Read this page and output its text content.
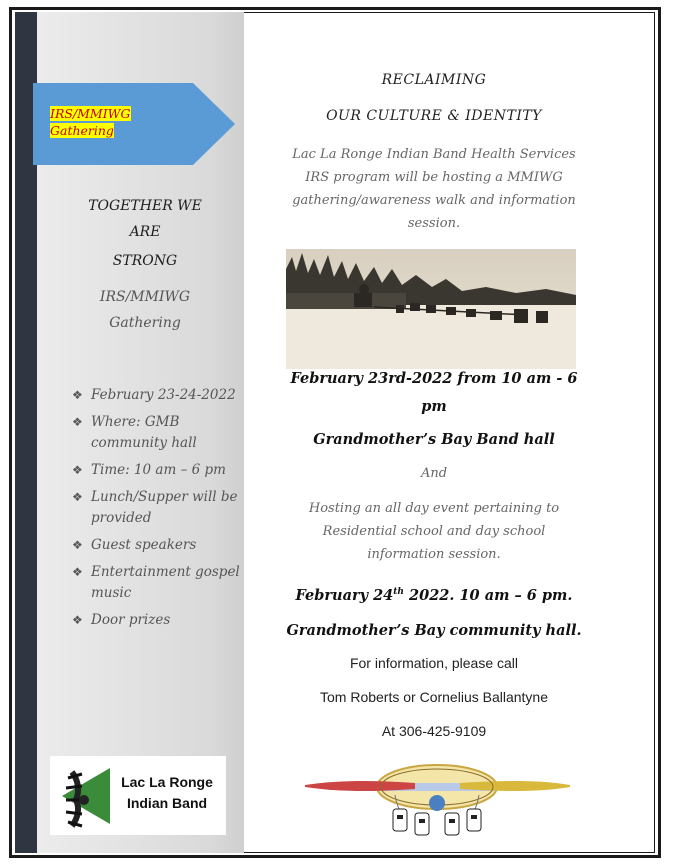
IRS/MMIWG
Gathering
TOGETHER WE
ARE
STRONG
IRS/MMIWG
Gathering
❖ February 23-24-2022
❖ Where: GMB community hall
❖ Time: 10 am – 6 pm
❖ Lunch/Supper will be provided
❖ Guest speakers
❖ Entertainment gospel music
❖ Door prizes
Lac La Ronge
Indian Band
RECLAIMING
OUR CULTURE & IDENTITY
Lac La Ronge Indian Band Health Services
IRS program will be hosting a MMIWG
gathering/awareness walk and information
session.
February 23rd-2022 from 10 am - 6
pm
Grandmother’s Bay Band hall
And
Hosting an all day event pertaining to
Residential school and day school
information session.
February 24th 2022. 10 am – 6 pm.
Grandmother’s Bay community hall.
For information, please call
Tom Roberts or Cornelius Ballantyne
At 306-425-9109
